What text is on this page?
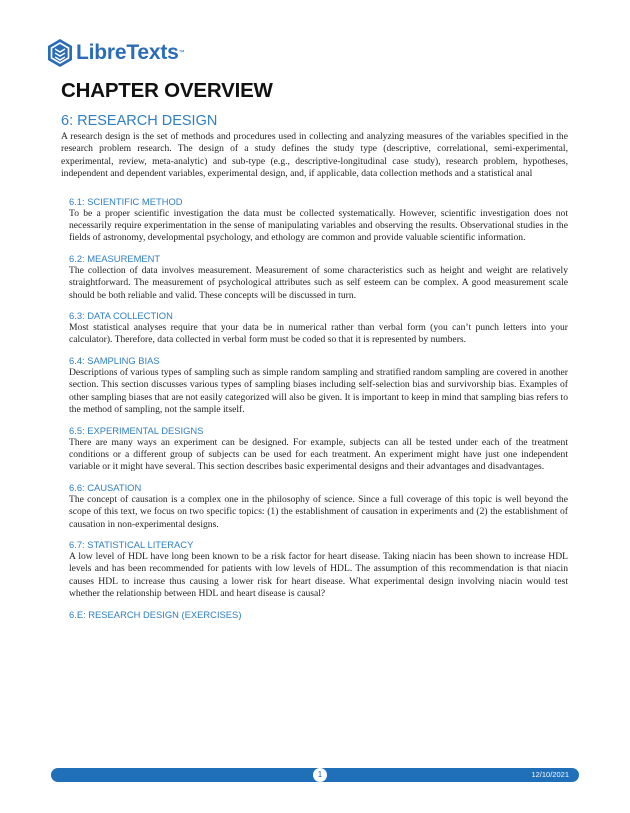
LibreTexts ™
CHAPTER OVERVIEW
6: RESEARCH DESIGN
A research design is the set of methods and procedures used in collecting and analyzing measures of the variables specified in the research problem research. The design of a study defines the study type (descriptive, correlational, semi-experimental, experimental, review, meta-analytic) and sub-type (e.g., descriptive-longitudinal case study), research problem, hypotheses, independent and dependent variables, experimental design, and, if applicable, data collection methods and a statistical anal
6.1: SCIENTIFIC METHOD
To be a proper scientific investigation the data must be collected systematically. However, scientific investigation does not necessarily require experimentation in the sense of manipulating variables and observing the results. Observational studies in the fields of astronomy, developmental psychology, and ethology are common and provide valuable scientific information.
6.2: MEASUREMENT
The collection of data involves measurement. Measurement of some characteristics such as height and weight are relatively straightforward. The measurement of psychological attributes such as self esteem can be complex. A good measurement scale should be both reliable and valid. These concepts will be discussed in turn.
6.3: DATA COLLECTION
Most statistical analyses require that your data be in numerical rather than verbal form (you can’t punch letters into your calculator). Therefore, data collected in verbal form must be coded so that it is represented by numbers.
6.4: SAMPLING BIAS
Descriptions of various types of sampling such as simple random sampling and stratified random sampling are covered in another section. This section discusses various types of sampling biases including self-selection bias and survivorship bias. Examples of other sampling biases that are not easily categorized will also be given. It is important to keep in mind that sampling bias refers to the method of sampling, not the sample itself.
6.5: EXPERIMENTAL DESIGNS
There are many ways an experiment can be designed. For example, subjects can all be tested under each of the treatment conditions or a different group of subjects can be used for each treatment. An experiment might have just one independent variable or it might have several. This section describes basic experimental designs and their advantages and disadvantages.
6.6: CAUSATION
The concept of causation is a complex one in the philosophy of science. Since a full coverage of this topic is well beyond the scope of this text, we focus on two specific topics: (1) the establishment of causation in experiments and (2) the establishment of causation in non-experimental designs.
6.7: STATISTICAL LITERACY
A low level of HDL have long been known to be a risk factor for heart disease. Taking niacin has been shown to increase HDL levels and has been recommended for patients with low levels of HDL. The assumption of this recommendation is that niacin causes HDL to increase thus causing a lower risk for heart disease. What experimental design involving niacin would test whether the relationship between HDL and heart disease is causal?
6.E: RESEARCH DESIGN (EXERCISES)
1	12/10/2021
